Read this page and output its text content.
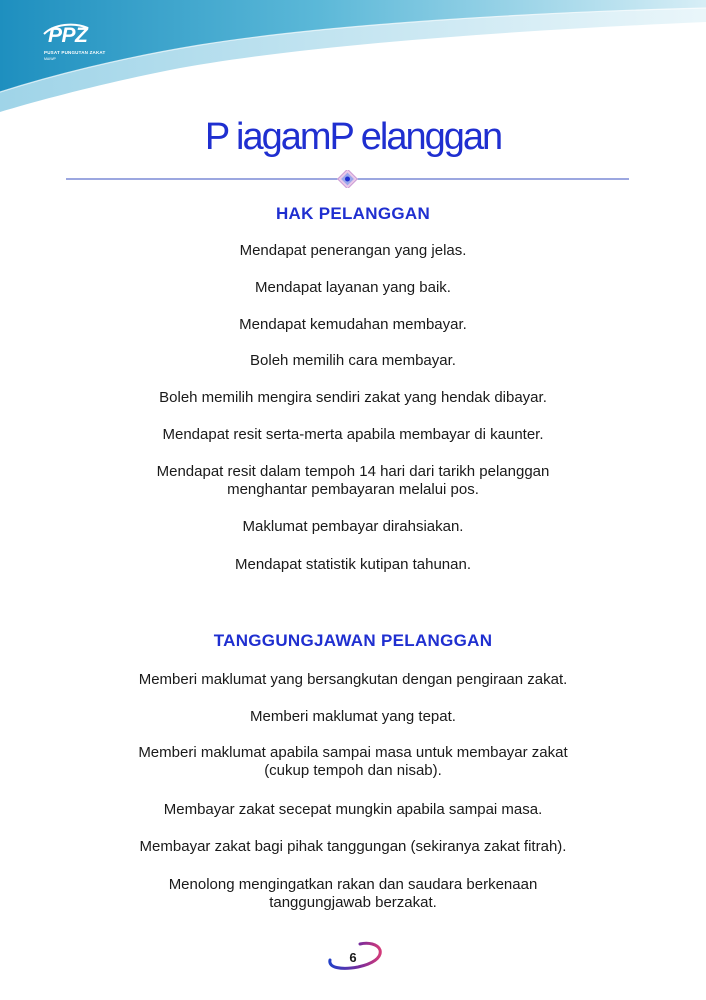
PPZ
PUSAT PUNGUTAN ZAKAT
MAIWP
P iagamP elanggan
HAK PELANGGAN

Mendapat penerangan yang jelas.

Mendapat layanan yang baik.

Mendapat kemudahan membayar.

Boleh memilih cara membayar.

Boleh memilih mengira sendiri zakat yang hendak dibayar.

Mendapat resit serta-merta apabila membayar di kaunter.

Mendapat resit dalam tempoh 14 hari dari tarikh pelanggan
menghantar pembayaran melalui pos.

Maklumat pembayar dirahsiakan.

Mendapat statistik kutipan tahunan.

TANGGUNGJAWAN PELANGGAN

Memberi maklumat yang bersangkutan dengan pengiraan zakat.

Memberi maklumat yang tepat.

Memberi maklumat apabila sampai masa untuk membayar zakat
(cukup tempoh dan nisab).

Membayar zakat secepat mungkin apabila sampai masa.

Membayar zakat bagi pihak tanggungan (sekiranya zakat fitrah).

Menolong mengingatkan rakan dan saudara berkenaan
tanggungjawab berzakat.

6
